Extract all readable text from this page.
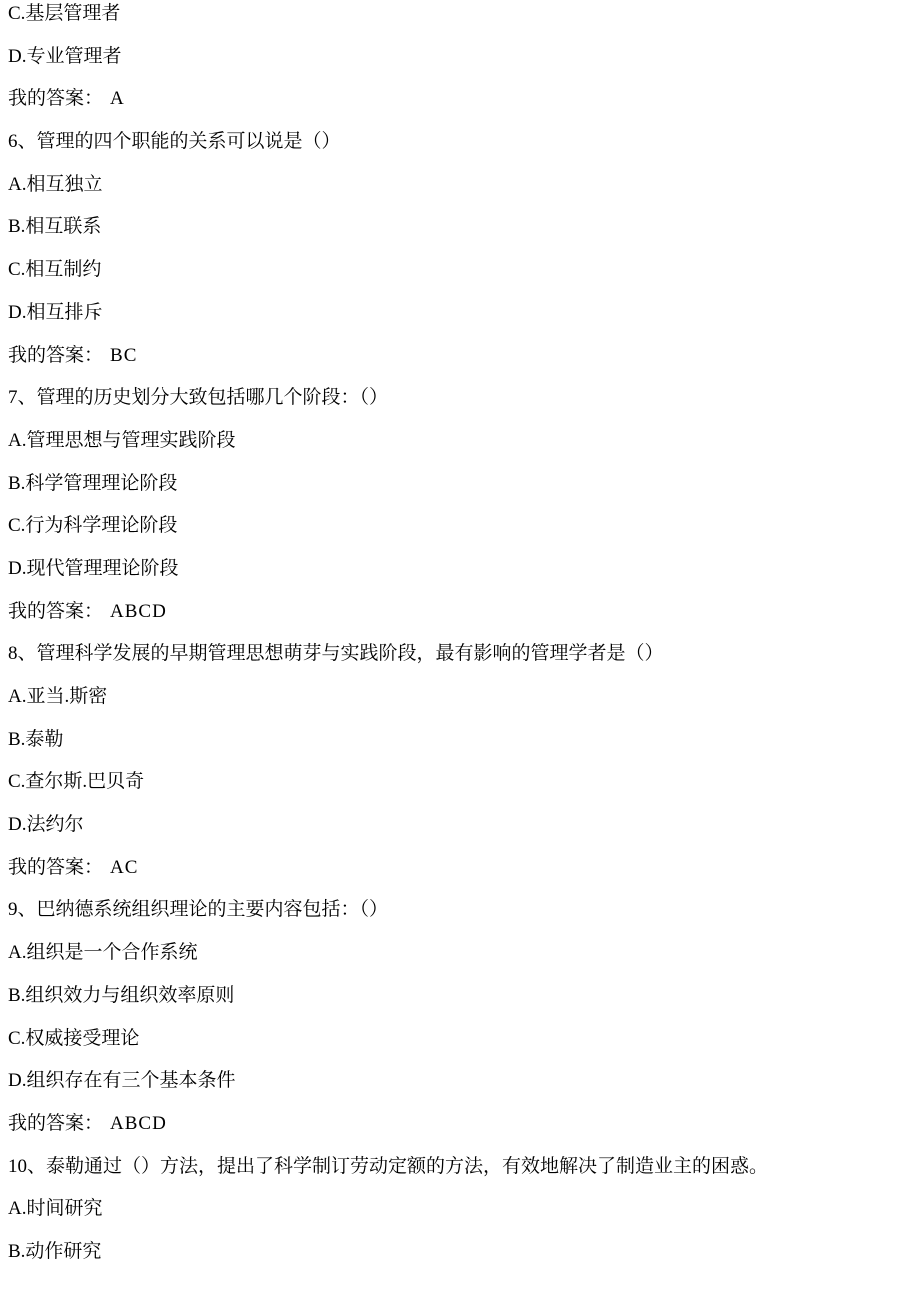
C.基层管理者
D.专业管理者
我的答案： A
6、管理的四个职能的关系可以说是（）
A.相互独立
B.相互联系
C.相互制约
D.相互排斥
我的答案： BC
7、管理的历史划分大致包括哪几个阶段：（）
A.管理思想与管理实践阶段
B.科学管理理论阶段
C.行为科学理论阶段
D.现代管理理论阶段
我的答案： ABCD
8、管理科学发展的早期管理思想萌芽与实践阶段，最有影响的管理学者是（）
A.亚当.斯密
B.泰勒
C.查尔斯.巴贝奇
D.法约尔
我的答案： AC
9、巴纳德系统组织理论的主要内容包括：（）
A.组织是一个合作系统
B.组织效力与组织效率原则
C.权威接受理论
D.组织存在有三个基本条件
我的答案： ABCD
10、泰勒通过（）方法，提出了科学制订劳动定额的方法，有效地解决了制造业主的困惑。
A.时间研究
B.动作研究
